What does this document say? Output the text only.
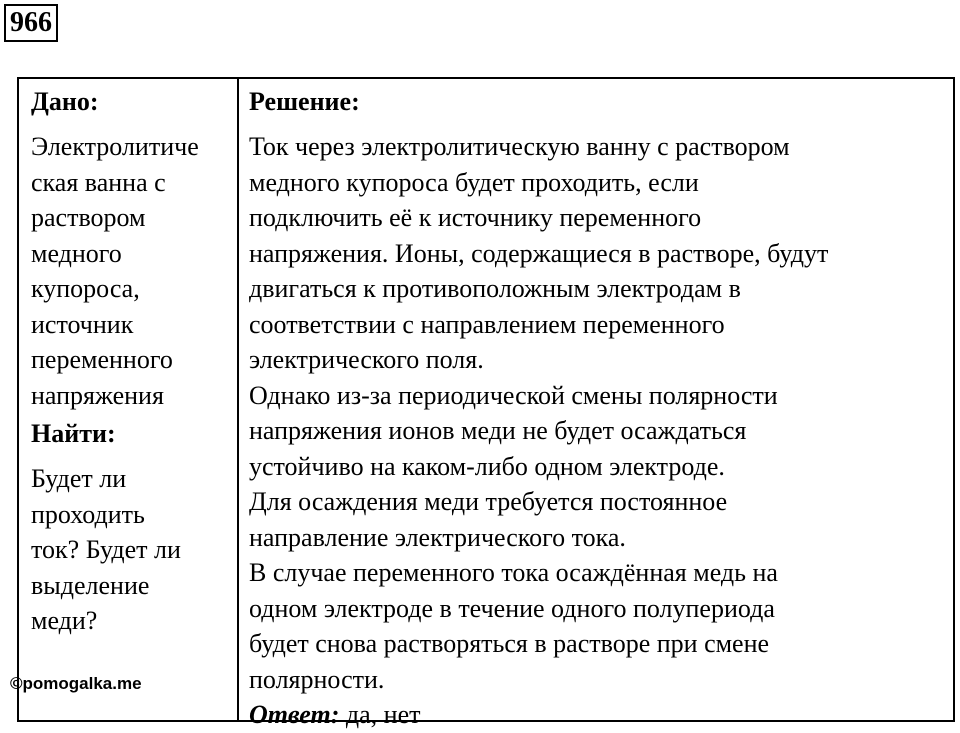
966

Дано:

Электролитиче

ская ванна с

раствором

медного

купороса,

источник

переменного

напряжения

Найти:

Будет ли

проходить

ток? Будет ли

выделение

меди?

Решение:

Ток через электролитическую ванну с раствором

медного купороса будет проходить, если

подключить её к источнику переменного

напряжения. Ионы, содержащиеся в растворе, будут

двигаться к противоположным электродам в

соответствии с направлением переменного

электрического поля.

Однако из-за периодической смены полярности

напряжения ионов меди не будет осаждаться

устойчиво на каком-либо одном электроде.

Для осаждения меди требуется постоянное

направление электрического тока.

В случае переменного тока осаждённая медь на

одном электроде в течение одного полупериода

будет снова растворяться в растворе при смене

полярности.

Ответ: да, нет

©pomogalka.me
